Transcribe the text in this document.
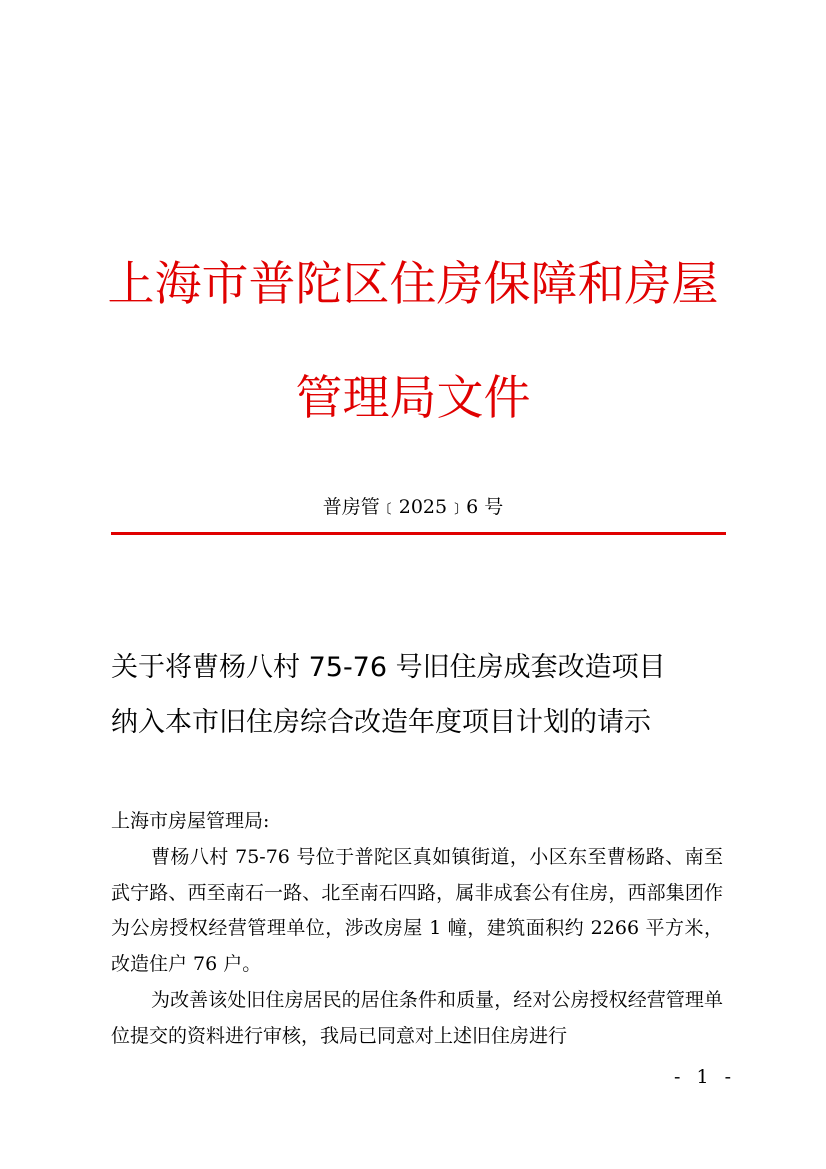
上海市普陀区住房保障和房屋管理局文件
普房管﹝2025﹞6 号
关于将曹杨八村 75-76 号旧住房成套改造项目
纳入本市旧住房综合改造年度项目计划的请示
上海市房屋管理局:

曹杨八村 75-76 号位于普陀区真如镇街道，小区东至曹杨路、南至武宁路、西至南石一路、北至南石四路，属非成套公有住房，西部集团作为公房授权经营管理单位，涉改房屋 1 幢，建筑面积约 2266 平方米，改造住户 76 户。

为改善该处旧住房居民的居住条件和质量，经对公房授权经营管理单位提交的资料进行审核，我局已同意对上述旧住房进行

- 1 -
